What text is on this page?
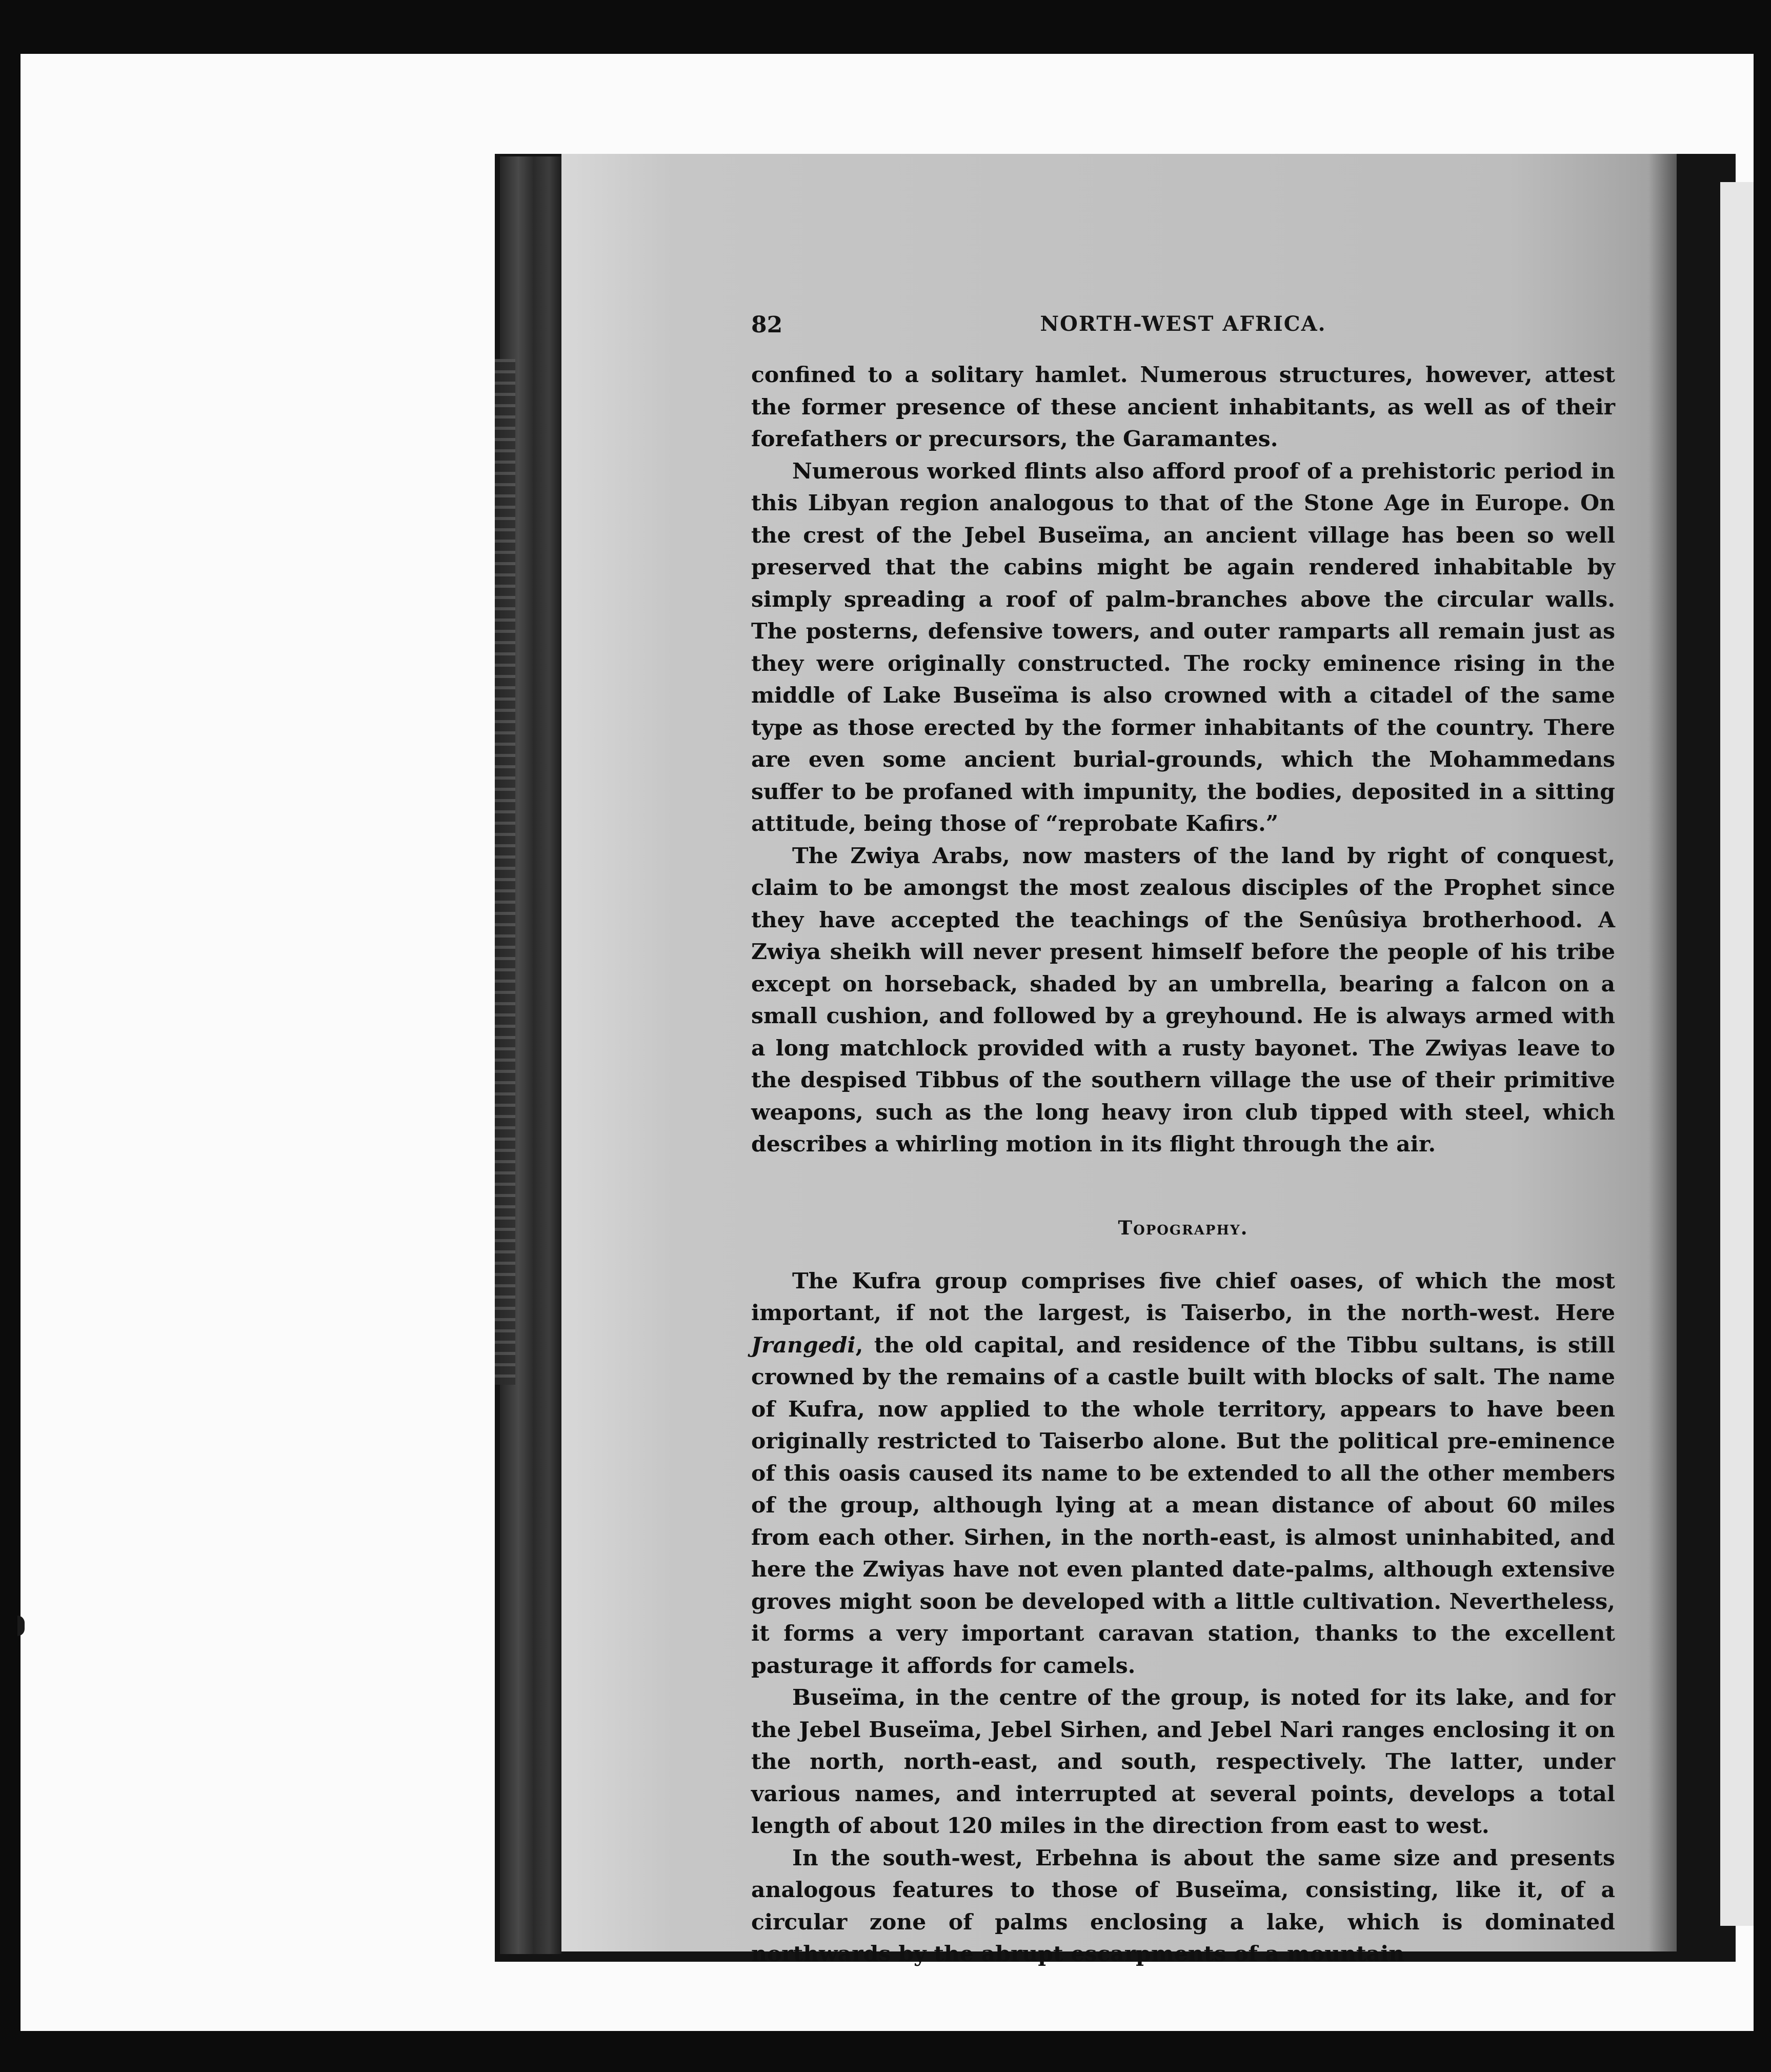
82	NORTH-WEST AFRICA.

confined to a solitary hamlet. Numerous structures, however, attest the former presence of these ancient inhabitants, as well as of their forefathers or precursors, the Garamantes.

Numerous worked flints also afford proof of a prehistoric period in this Libyan region analogous to that of the Stone Age in Europe. On the crest of the Jebel Buseïma, an ancient village has been so well preserved that the cabins might be again rendered inhabitable by simply spreading a roof of palm-branches above the circular walls. The posterns, defensive towers, and outer ramparts all remain just as they were originally constructed. The rocky eminence rising in the middle of Lake Buseïma is also crowned with a citadel of the same type as those erected by the former inhabitants of the country. There are even some ancient burial-grounds, which the Mohammedans suffer to be profaned with impunity, the bodies, deposited in a sitting attitude, being those of “reprobate Kafirs.”

The Zwiya Arabs, now masters of the land by right of conquest, claim to be amongst the most zealous disciples of the Prophet since they have accepted the teachings of the Senûsiya brotherhood. A Zwiya sheikh will never present himself before the people of his tribe except on horseback, shaded by an umbrella, bearing a falcon on a small cushion, and followed by a greyhound. He is always armed with a long matchlock provided with a rusty bayonet. The Zwiyas leave to the despised Tibbus of the southern village the use of their primitive weapons, such as the long heavy iron club tipped with steel, which describes a whirling motion in its flight through the air.

Topography.

The Kufra group comprises five chief oases, of which the most important, if not the largest, is Taiserbo, in the north-west. Here Jrangedi, the old capital, and residence of the Tibbu sultans, is still crowned by the remains of a castle built with blocks of salt. The name of Kufra, now applied to the whole territory, appears to have been originally restricted to Taiserbo alone. But the political pre-eminence of this oasis caused its name to be extended to all the other members of the group, although lying at a mean distance of about 60 miles from each other. Sirhen, in the north-east, is almost uninhabited, and here the Zwiyas have not even planted date-palms, although extensive groves might soon be developed with a little cultivation. Nevertheless, it forms a very important caravan station, thanks to the excellent pasturage it affords for camels.

Buseïma, in the centre of the group, is noted for its lake, and for the Jebel Buseïma, Jebel Sirhen, and Jebel Nari ranges enclosing it on the north, north-east, and south, respectively. The latter, under various names, and interrupted at several points, develops a total length of about 120 miles in the direction from east to west.

In the south-west, Erbehna is about the same size and presents analogous features to those of Buseïma, consisting, like it, of a circular zone of palms enclosing a lake, which is dominated northwards by the abrupt escarpments of a mountain
